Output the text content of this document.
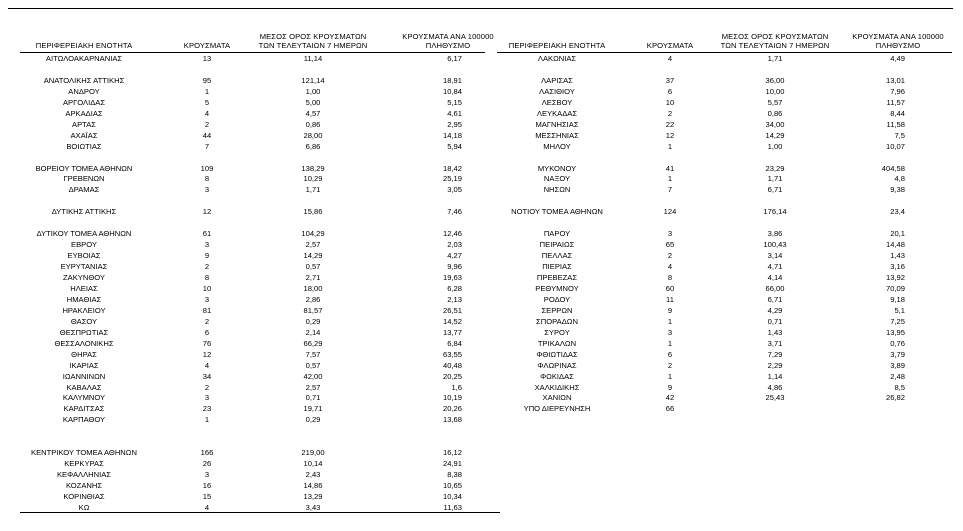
ΠΕΡΙΦΕΡΕΙΑΚΗ ΕΝΟΤΗΤΑ	ΚΡΟΥΣΜΑΤΑ
ΜΕΣΟΣ ΟΡΟΣ ΚΡΟΥΣΜΑΤΩΝ
ΤΩΝ ΤΕΛΕΥΤΑΙΩΝ 7 ΗΜΕΡΩΝ
ΚΡΟΥΣΜΑΤΑ ΑΝΑ 100000
ΠΛΗΘΥΣΜΟ	ΠΕΡΙΦΕΡΕΙΑΚΗ ΕΝΟΤΗΤΑ	ΚΡΟΥΣΜΑΤΑ
ΜΕΣΟΣ ΟΡΟΣ ΚΡΟΥΣΜΑΤΩΝ
ΤΩΝ ΤΕΛΕΥΤΑΙΩΝ 7 ΗΜΕΡΩΝ
ΚΡΟΥΣΜΑΤΑ ΑΝΑ 100000
ΠΛΗΘΥΣΜΟ
ΑΙΤΩΛΟΑΚΑΡΝΑΝΙΑΣ	13	11,14	6,17
ΑΝΑΤΟΛΙΚΗΣ ΑΤΤΙΚΗΣ	95	121,14	18,91
ΑΝΔΡΟΥ	1	1,00	10,84
ΑΡΓΟΛΙΔΑΣ	5	5,00	5,15
ΑΡΚΑΔΙΑΣ	4	4,57	4,61
ΑΡΤΑΣ	2	0,86	2,95
ΑΧΑΪΑΣ	44	28,00	14,18
ΒΟΙΩΤΙΑΣ	7	6,86	5,94
ΒΟΡΕΙΟΥ ΤΟΜΕΑ ΑΘΗΝΩΝ	109	138,29	18,42
ΓΡΕΒΕΝΩΝ	8	10,29	25,19
ΔΡΑΜΑΣ	3	1,71	3,05
ΔΥΤΙΚΗΣ ΑΤΤΙΚΗΣ	12	15,86	7,46
ΔΥΤΙΚΟΥ ΤΟΜΕΑ ΑΘΗΝΩΝ	61	104,29	12,46
ΕΒΡΟΥ	3	2,57	2,03
ΕΥΒΟΙΑΣ	9	14,29	4,27
ΕΥΡΥΤΑΝΙΑΣ	2	0,57	9,96
ΖΑΚΥΝΘΟΥ	8	2,71	19,63
ΗΛΕΙΑΣ	10	18,00	6,28
ΗΜΑΘΙΑΣ	3	2,86	2,13
ΗΡΑΚΛΕΙΟΥ	81	81,57	26,51
ΘΑΣΟΥ	2	0,29	14,52
ΘΕΣΠΡΩΤΙΑΣ	6	2,14	13,77
ΘΕΣΣΑΛΟΝΙΚΗΣ	76	66,29	6,84
ΘΗΡΑΣ	12	7,57	63,55
ΙΚΑΡΙΑΣ	4	0,57	40,48
ΙΩΑΝΝΙΝΩΝ	34	42,00	20,25
ΚΑΒΑΛΑΣ	2	2,57	1,6
ΚΑΛΥΜΝΟΥ	3	0,71	10,19
ΚΑΡΔΙΤΣΑΣ	23	19,71	20,26
ΚΑΡΠΑΘΟΥ	1	0,29	13,68
ΚΕΝΤΡΙΚΟΥ ΤΟΜΕΑ ΑΘΗΝΩΝ	166	219,00	16,12
ΚΕΡΚΥΡΑΣ	26	10,14	24,91
ΚΕΦΑΛΛΗΝΙΑΣ	3	2,43	8,38
ΚΟΖΑΝΗΣ	16	14,86	10,65
ΚΟΡΙΝΘΙΑΣ	15	13,29	10,34
ΚΩ	4	3,43	11,63
ΛΑΚΩΝΙΑΣ	4	1,71	4,49
ΛΑΡΙΣΑΣ	37	36,00	13,01
ΛΑΣΙΘΙΟΥ	6	10,00	7,96
ΛΕΣΒΟΥ	10	5,57	11,57
ΛΕΥΚΑΔΑΣ	2	0,86	8,44
ΜΑΓΝΗΣΙΑΣ	22	34,00	11,58
ΜΕΣΣΗΝΙΑΣ	12	14,29	7,5
ΜΗΛΟΥ	1	1,00	10,07
ΜΥΚΟΝΟΥ	41	23,29	404,58
ΝΑΞΟΥ	1	1,71	4,8
ΝΗΣΩΝ	7	6,71	9,38
ΝΟΤΙΟΥ ΤΟΜΕΑ ΑΘΗΝΩΝ	124	176,14	23,4
ΠΑΡΟΥ	3	3,86	20,1
ΠΕΙΡΑΙΩΣ	65	100,43	14,48
ΠΕΛΛΑΣ	2	3,14	1,43
ΠΙΕΡΙΑΣ	4	4,71	3,16
ΠΡΕΒΕΖΑΣ	8	4,14	13,92
ΡΕΘΥΜΝΟΥ	60	66,00	70,09
ΡΟΔΟΥ	11	6,71	9,18
ΣΕΡΡΩΝ	9	4,29	5,1
ΣΠΟΡΑΔΩΝ	1	0,71	7,25
ΣΥΡΟΥ	3	1,43	13,95
ΤΡΙΚΑΛΩΝ	1	3,71	0,76
ΦΘΙΩΤΙΔΑΣ	6	7,29	3,79
ΦΛΩΡΙΝΑΣ	2	2,29	3,89
ΦΩΚΙΔΑΣ	1	1,14	2,48
ΧΑΛΚΙΔΙΚΗΣ	9	4,86	8,5
ΧΑΝΙΩΝ	42	25,43	26,82
ΥΠΟ ΔΙΕΡΕΥΝΗΣΗ	66
